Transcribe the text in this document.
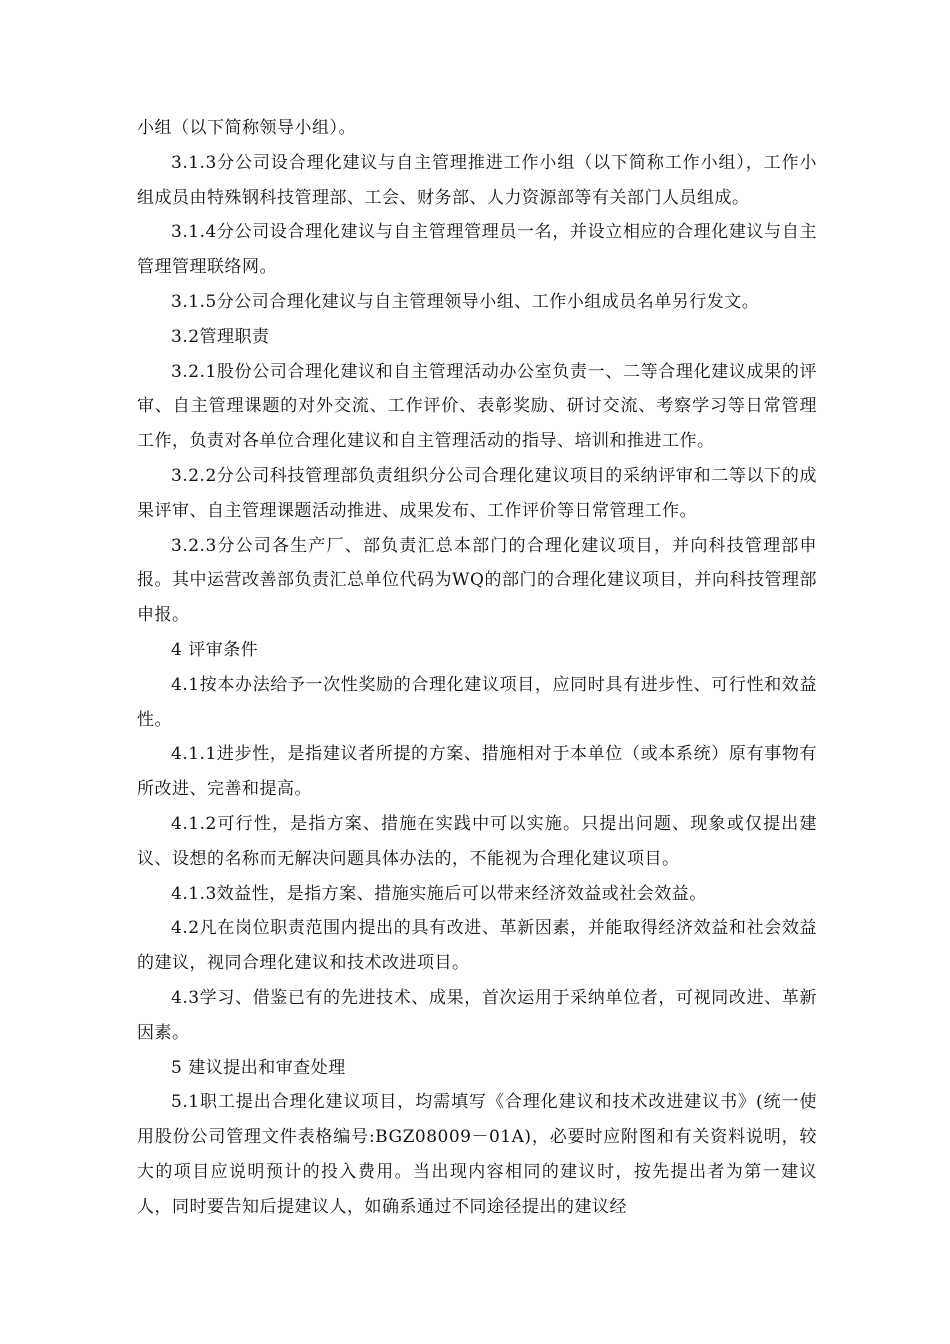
小组（以下简称领导小组）。

3.1.3分公司设合理化建议与自主管理推进工作小组（以下简称工作小组），工作小组成员由特殊钢科技管理部、工会、财务部、人力资源部等有关部门人员组成。

3.1.4分公司设合理化建议与自主管理管理员一名，并设立相应的合理化建议与自主管理管理联络网。

3.1.5分公司合理化建议与自主管理领导小组、工作小组成员名单另行发文。

3.2管理职责

3.2.1股份公司合理化建议和自主管理活动办公室负责一、二等合理化建议成果的评审、自主管理课题的对外交流、工作评价、表彰奖励、研讨交流、考察学习等日常管理工作，负责对各单位合理化建议和自主管理活动的指导、培训和推进工作。

3.2.2分公司科技管理部负责组织分公司合理化建议项目的采纳评审和二等以下的成果评审、自主管理课题活动推进、成果发布、工作评价等日常管理工作。

3.2.3分公司各生产厂、部负责汇总本部门的合理化建议项目，并向科技管理部申报。其中运营改善部负责汇总单位代码为WQ的部门的合理化建议项目，并向科技管理部申报。

4 评审条件

4.1按本办法给予一次性奖励的合理化建议项目，应同时具有进步性、可行性和效益性。

4.1.1进步性，是指建议者所提的方案、措施相对于本单位（或本系统）原有事物有所改进、完善和提高。

4.1.2可行性，是指方案、措施在实践中可以实施。只提出问题、现象或仅提出建议、设想的名称而无解决问题具体办法的，不能视为合理化建议项目。

4.1.3效益性，是指方案、措施实施后可以带来经济效益或社会效益。

4.2凡在岗位职责范围内提出的具有改进、革新因素，并能取得经济效益和社会效益的建议，视同合理化建议和技术改进项目。

4.3学习、借鉴已有的先进技术、成果，首次运用于采纳单位者，可视同改进、革新因素。

5 建议提出和审查处理

5.1职工提出合理化建议项目，均需填写《合理化建议和技术改进建议书》(统一使用股份公司管理文件表格编号:BGZ08009－01A)，必要时应附图和有关资料说明，较大的项目应说明预计的投入费用。当出现内容相同的建议时，按先提出者为第一建议人，同时要告知后提建议人，如确系通过不同途径提出的建议经
